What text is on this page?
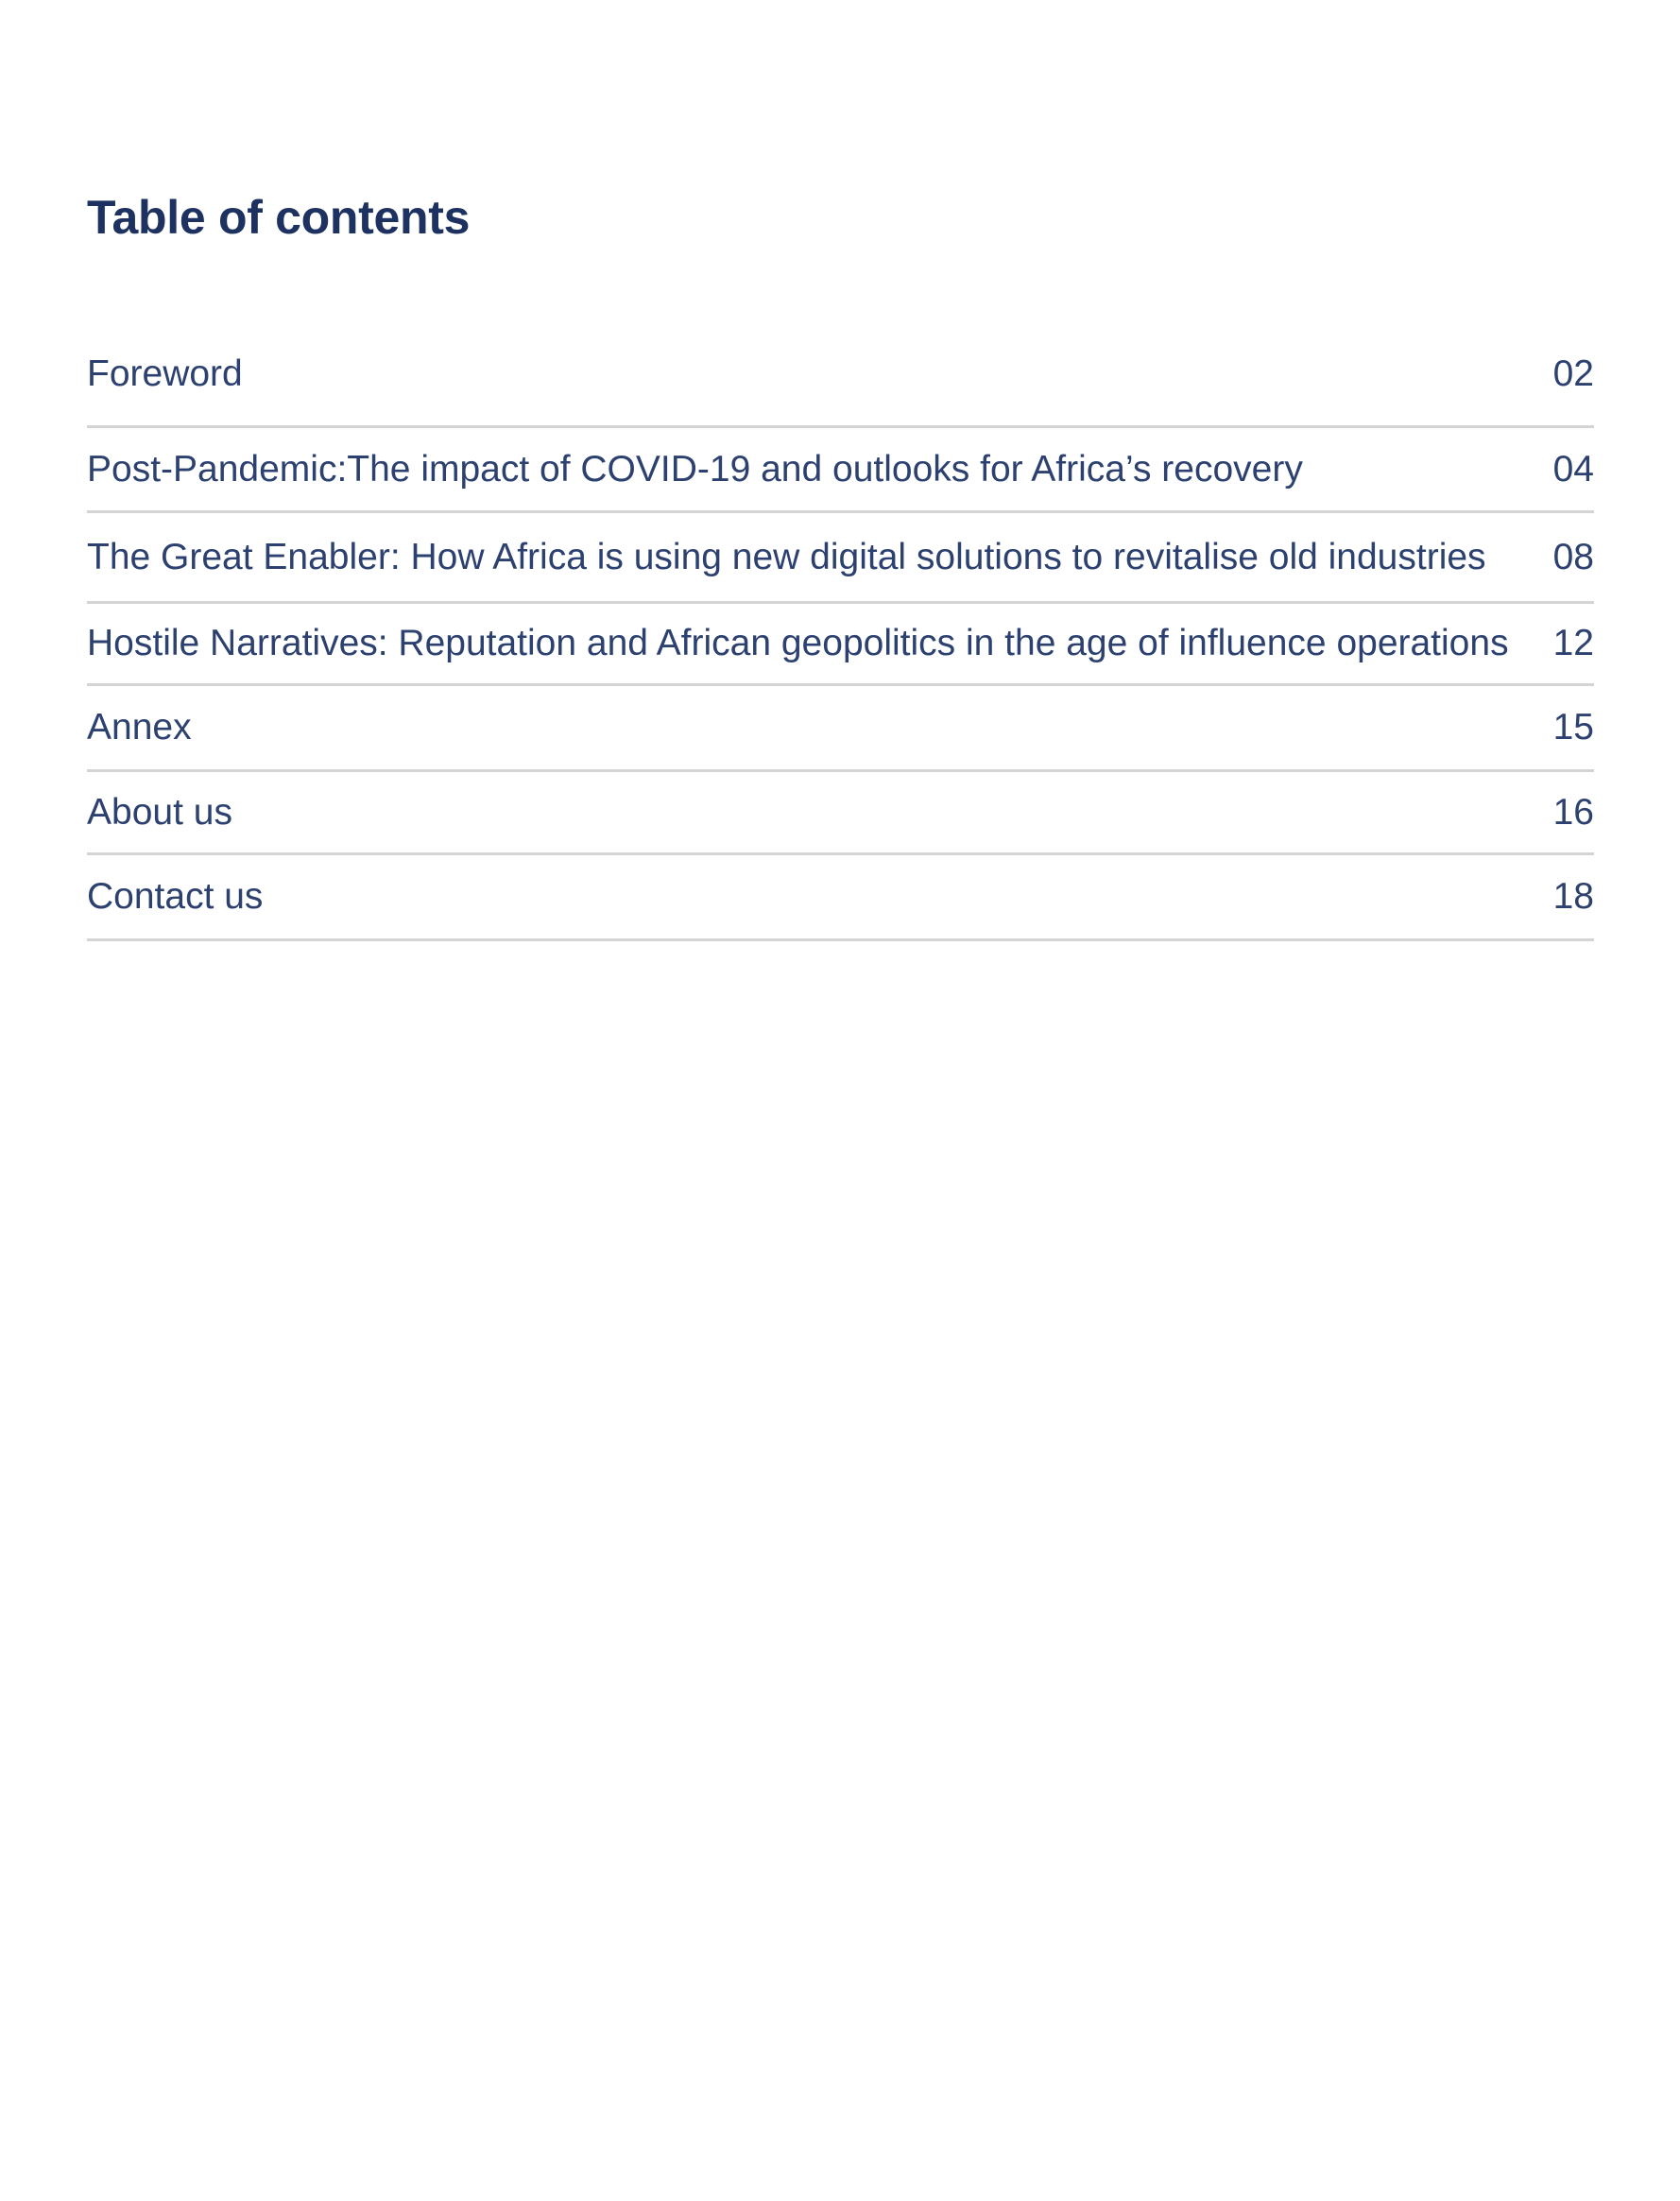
Table of contents
Foreword	02
Post-Pandemic:The impact of COVID-19 and outlooks for Africa’s recovery	04
The Great Enabler: How Africa is using new digital solutions to revitalise old industries	08
Hostile Narratives: Reputation and African geopolitics in the age of influence operations	12
Annex	15
About us	16
Contact us	18
